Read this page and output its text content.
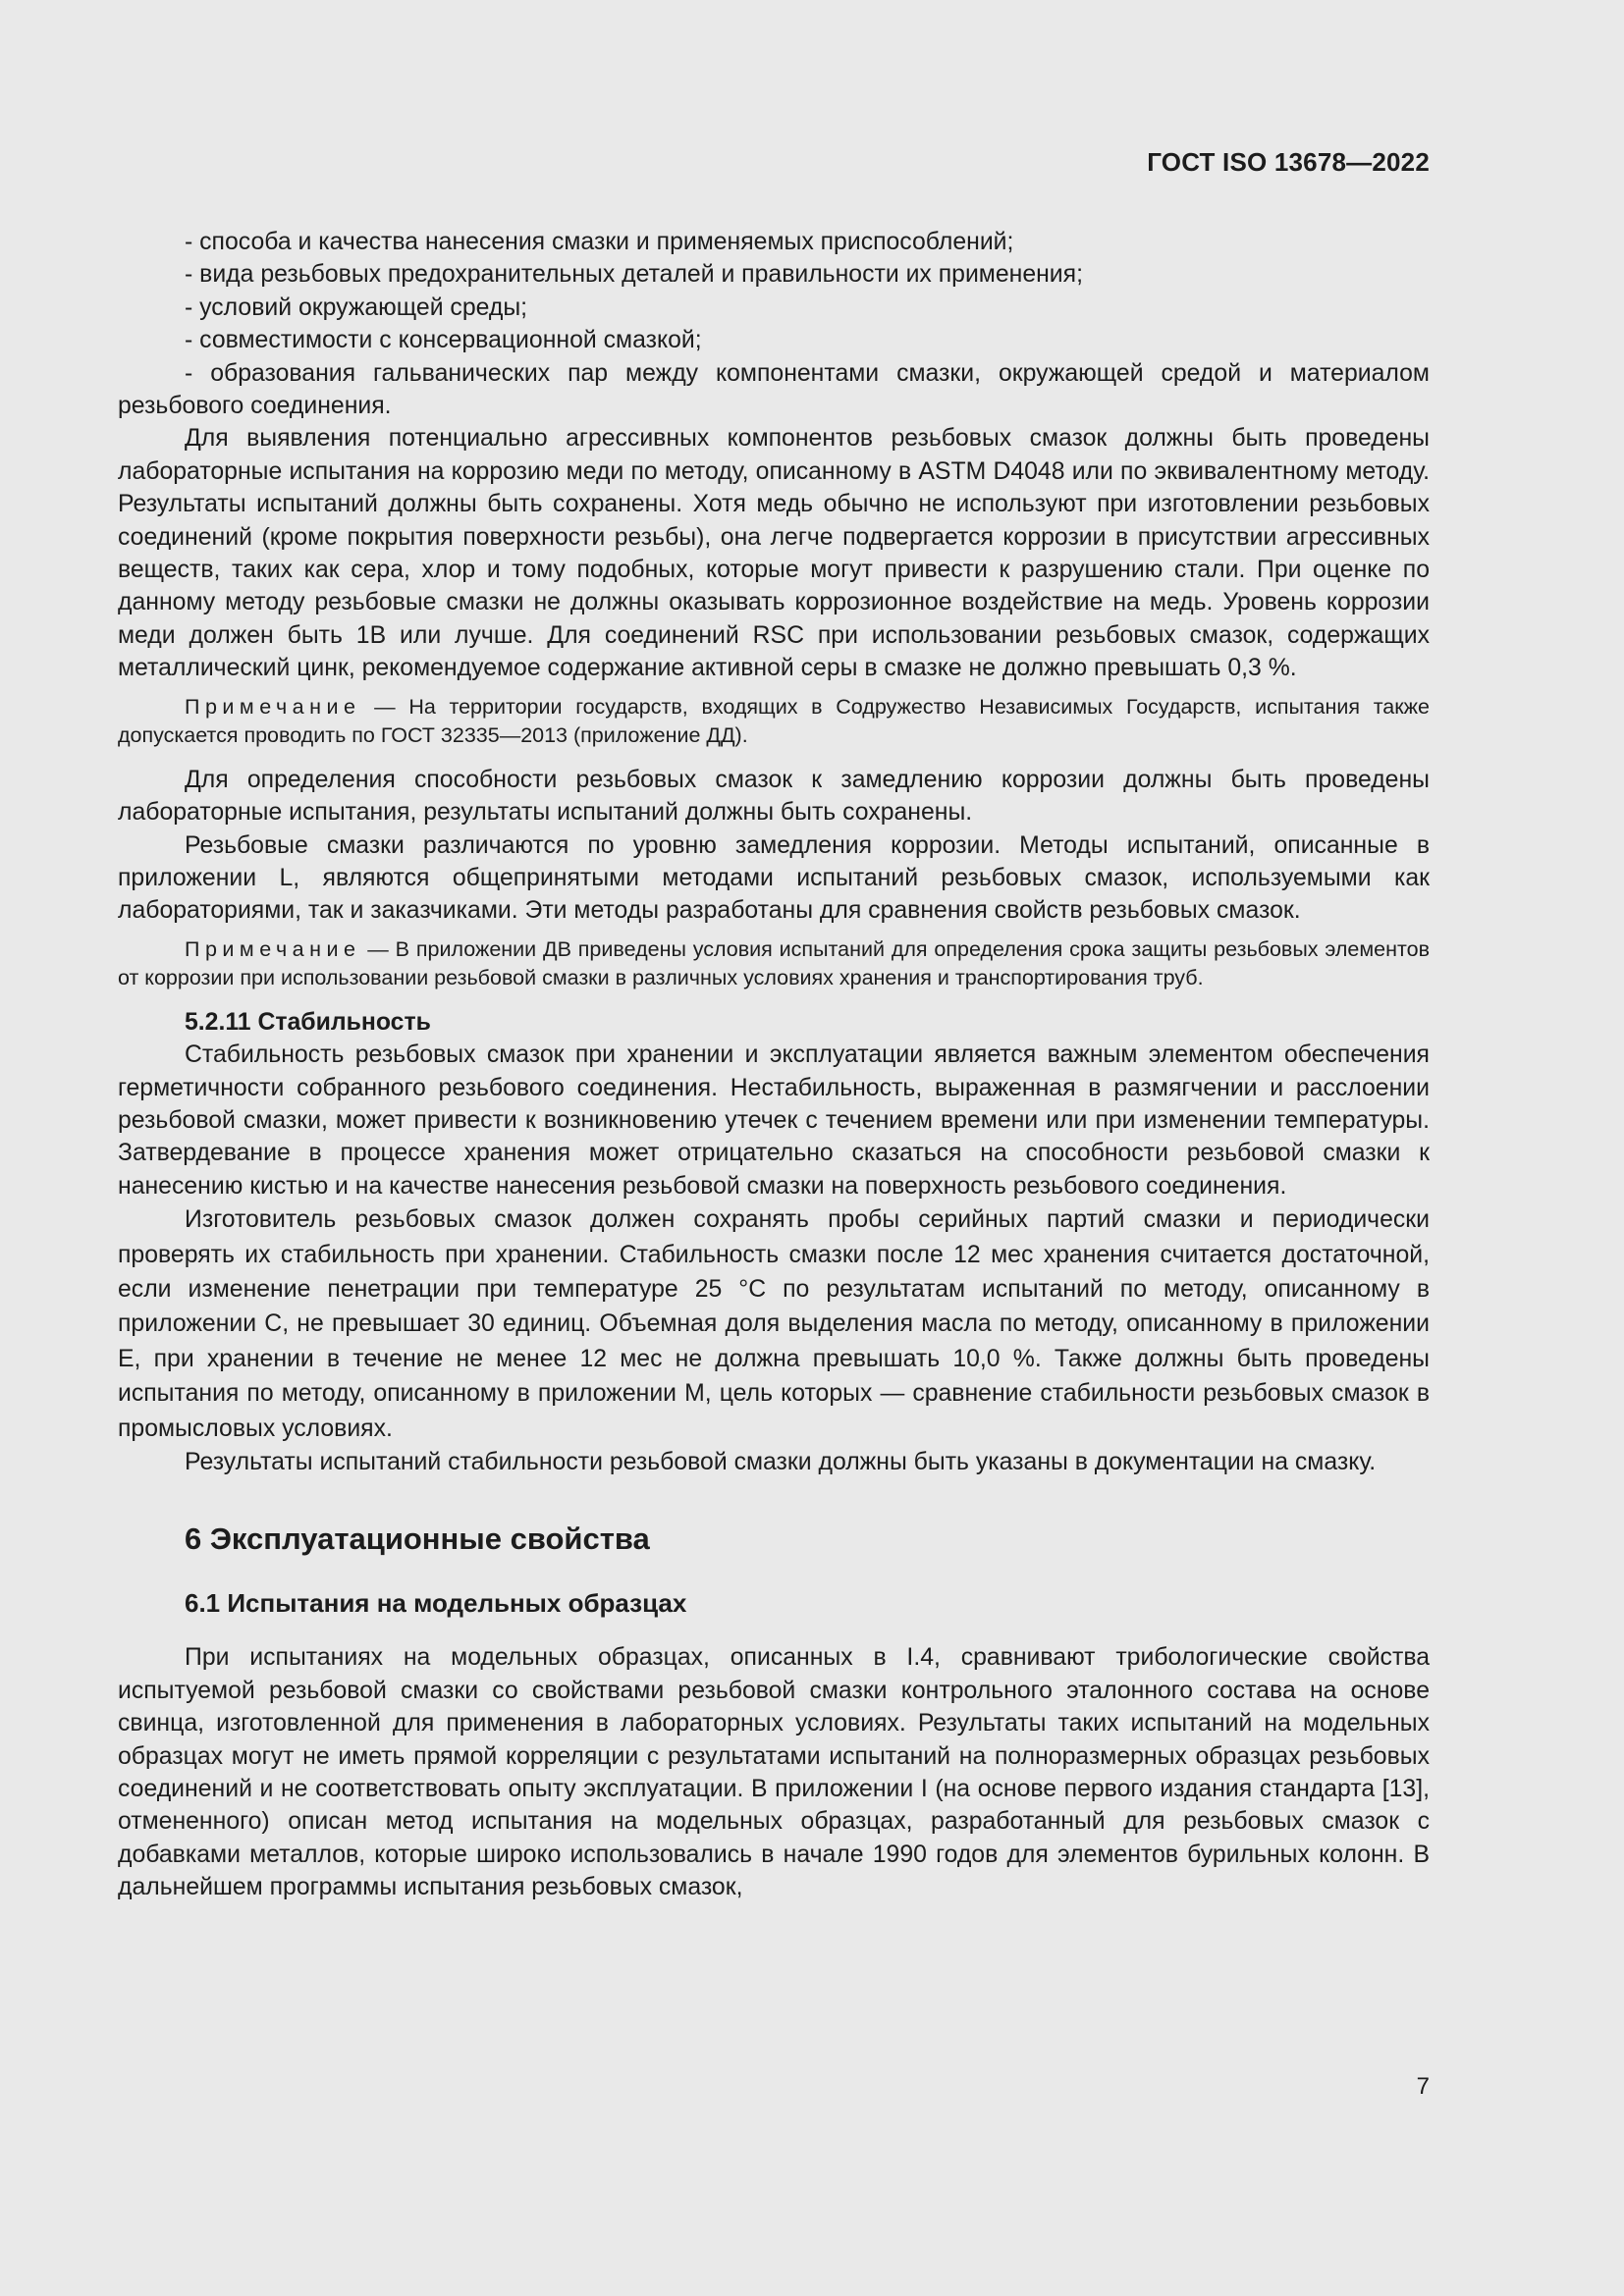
ГОСТ ISO 13678—2022
- способа и качества нанесения смазки и применяемых приспособлений;
- вида резьбовых предохранительных деталей и правильности их применения;
- условий окружающей среды;
- совместимости с консервационной смазкой;
- образования гальванических пар между компонентами смазки, окружающей средой и материалом резьбового соединения.

Для выявления потенциально агрессивных компонентов резьбовых смазок должны быть проведены лабораторные испытания на коррозию меди по методу, описанному в ASTM D4048 или по эквивалентному методу. Результаты испытаний должны быть сохранены. Хотя медь обычно не используют при изготовлении резьбовых соединений (кроме покрытия поверхности резьбы), она легче подвергается коррозии в присутствии агрессивных веществ, таких как сера, хлор и тому подобных, которые могут привести к разрушению стали. При оценке по данному методу резьбовые смазки не должны оказывать коррозионное воздействие на медь. Уровень коррозии меди должен быть 1В или лучше. Для соединений RSC при использовании резьбовых смазок, содержащих металлический цинк, рекомендуемое содержание активной серы в смазке не должно превышать 0,3 %.

Примечание — На территории государств, входящих в Содружество Независимых Государств, испытания также допускается проводить по ГОСТ 32335—2013 (приложение ДД).

Для определения способности резьбовых смазок к замедлению коррозии должны быть проведены лабораторные испытания, результаты испытаний должны быть сохранены.

Резьбовые смазки различаются по уровню замедления коррозии. Методы испытаний, описанные в приложении L, являются общепринятыми методами испытаний резьбовых смазок, используемыми как лабораториями, так и заказчиками. Эти методы разработаны для сравнения свойств резьбовых смазок.

Примечание — В приложении ДВ приведены условия испытаний для определения срока защиты резьбовых элементов от коррозии при использовании резьбовой смазки в различных условиях хранения и транспортирования труб.

5.2.11 Стабильность

Стабильность резьбовых смазок при хранении и эксплуатации является важным элементом обеспечения герметичности собранного резьбового соединения. Нестабильность, выраженная в размягчении и расслоении резьбовой смазки, может привести к возникновению утечек с течением времени или при изменении температуры. Затвердевание в процессе хранения может отрицательно сказаться на способности резьбовой смазки к нанесению кистью и на качестве нанесения резьбовой смазки на поверхность резьбового соединения.

Изготовитель резьбовых смазок должен сохранять пробы серийных партий смазки и периодически проверять их стабильность при хранении. Стабильность смазки после 12 мес хранения считается достаточной, если изменение пенетрации при температуре 25 °С по результатам испытаний по методу, описанному в приложении С, не превышает 30 единиц. Объемная доля выделения масла по методу, описанному в приложении Е, при хранении в течение не менее 12 мес не должна превышать 10,0 %. Также должны быть проведены испытания по методу, описанному в приложении М, цель которых — сравнение стабильности резьбовых смазок в промысловых условиях.

Результаты испытаний стабильности резьбовой смазки должны быть указаны в документации на смазку.

6 Эксплуатационные свойства

6.1 Испытания на модельных образцах

При испытаниях на модельных образцах, описанных в I.4, сравнивают трибологические свойства испытуемой резьбовой смазки со свойствами резьбовой смазки контрольного эталонного состава на основе свинца, изготовленной для применения в лабораторных условиях. Результаты таких испытаний на модельных образцах могут не иметь прямой корреляции с результатами испытаний на полноразмерных образцах резьбовых соединений и не соответствовать опыту эксплуатации. В приложении I (на основе первого издания стандарта [13], отмененного) описан метод испытания на модельных образцах, разработанный для резьбовых смазок с добавками металлов, которые широко использовались в начале 1990 годов для элементов бурильных колонн. В дальнейшем программы испытания резьбовых смазок,

7
